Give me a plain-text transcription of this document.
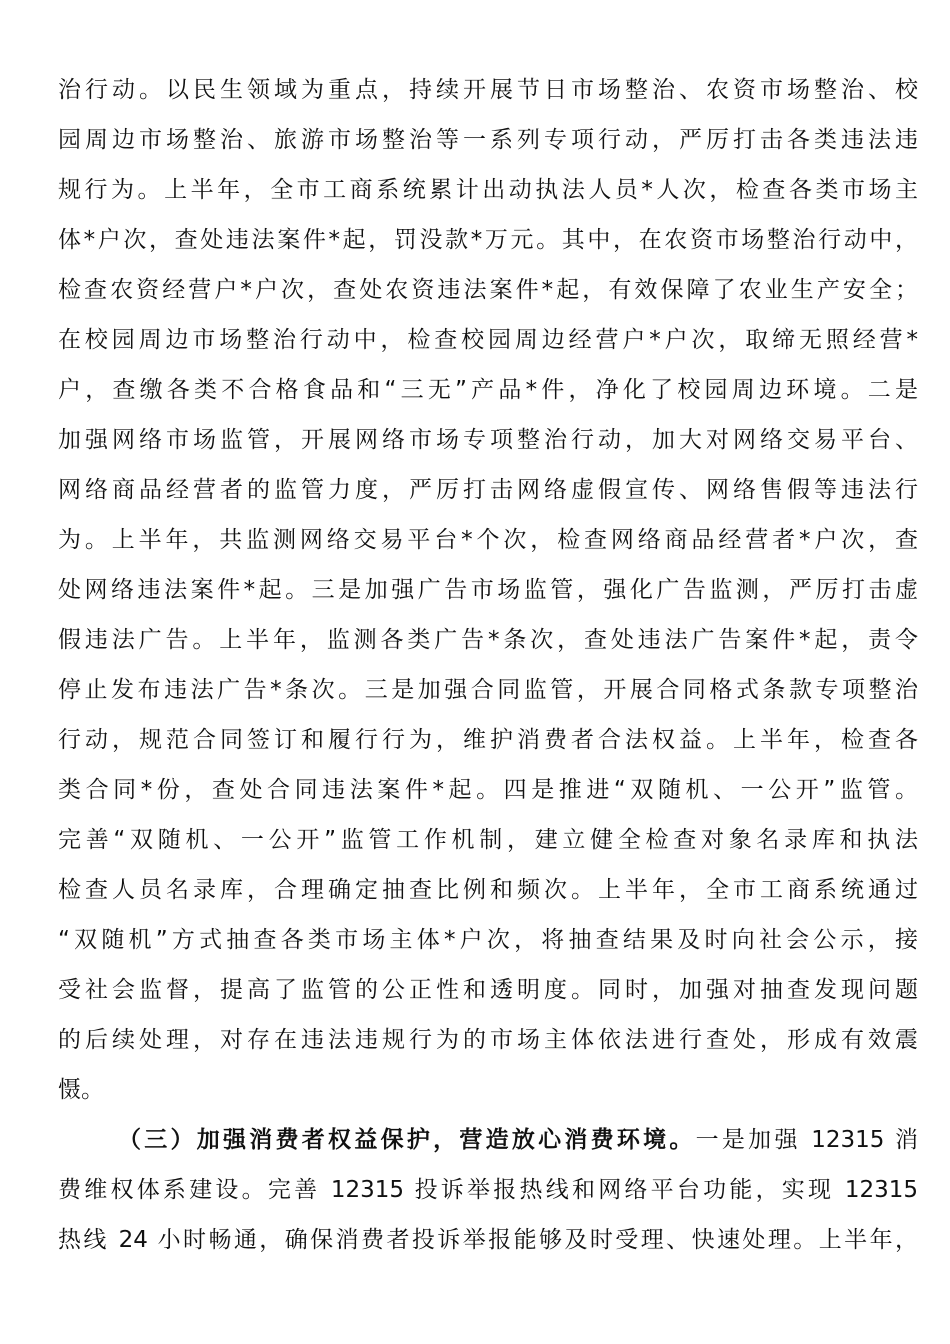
治行动。以民生领域为重点，持续开展节日市场整治、农资市场整治、校
园周边市场整治、旅游市场整治等一系列专项行动，严厉打击各类违法违
规行为。上半年，全市工商系统累计出动执法人员*人次，检查各类市场主
体*户次，查处违法案件*起，罚没款*万元。其中，在农资市场整治行动中，
检查农资经营户*户次，查处农资违法案件*起，有效保障了农业生产安全；
在校园周边市场整治行动中，检查校园周边经营户*户次，取缔无照经营*
户，查缴各类不合格食品和“三无”产品*件，净化了校园周边环境。二是
加强网络市场监管，开展网络市场专项整治行动，加大对网络交易平台、
网络商品经营者的监管力度，严厉打击网络虚假宣传、网络售假等违法行
为。上半年，共监测网络交易平台*个次，检查网络商品经营者*户次，查
处网络违法案件*起。三是加强广告市场监管，强化广告监测，严厉打击虚
假违法广告。上半年，监测各类广告*条次，查处违法广告案件*起，责令
停止发布违法广告*条次。三是加强合同监管，开展合同格式条款专项整治
行动，规范合同签订和履行行为，维护消费者合法权益。上半年，检查各
类合同*份，查处合同违法案件*起。四是推进“双随机、一公开”监管。
完善“双随机、一公开”监管工作机制，建立健全检查对象名录库和执法
检查人员名录库，合理确定抽查比例和频次。上半年，全市工商系统通过
“双随机”方式抽查各类市场主体*户次，将抽查结果及时向社会公示，接
受社会监督，提高了监管的公正性和透明度。同时，加强对抽查发现问题
的后续处理，对存在违法违规行为的市场主体依法进行查处，形成有效震
慑。
（三）加强消费者权益保护，营造放心消费环境。一是加强 12315 消
费维权体系建设。完善 12315 投诉举报热线和网络平台功能，实现 12315
热线 24 小时畅通，确保消费者投诉举报能够及时受理、快速处理。上半年，
